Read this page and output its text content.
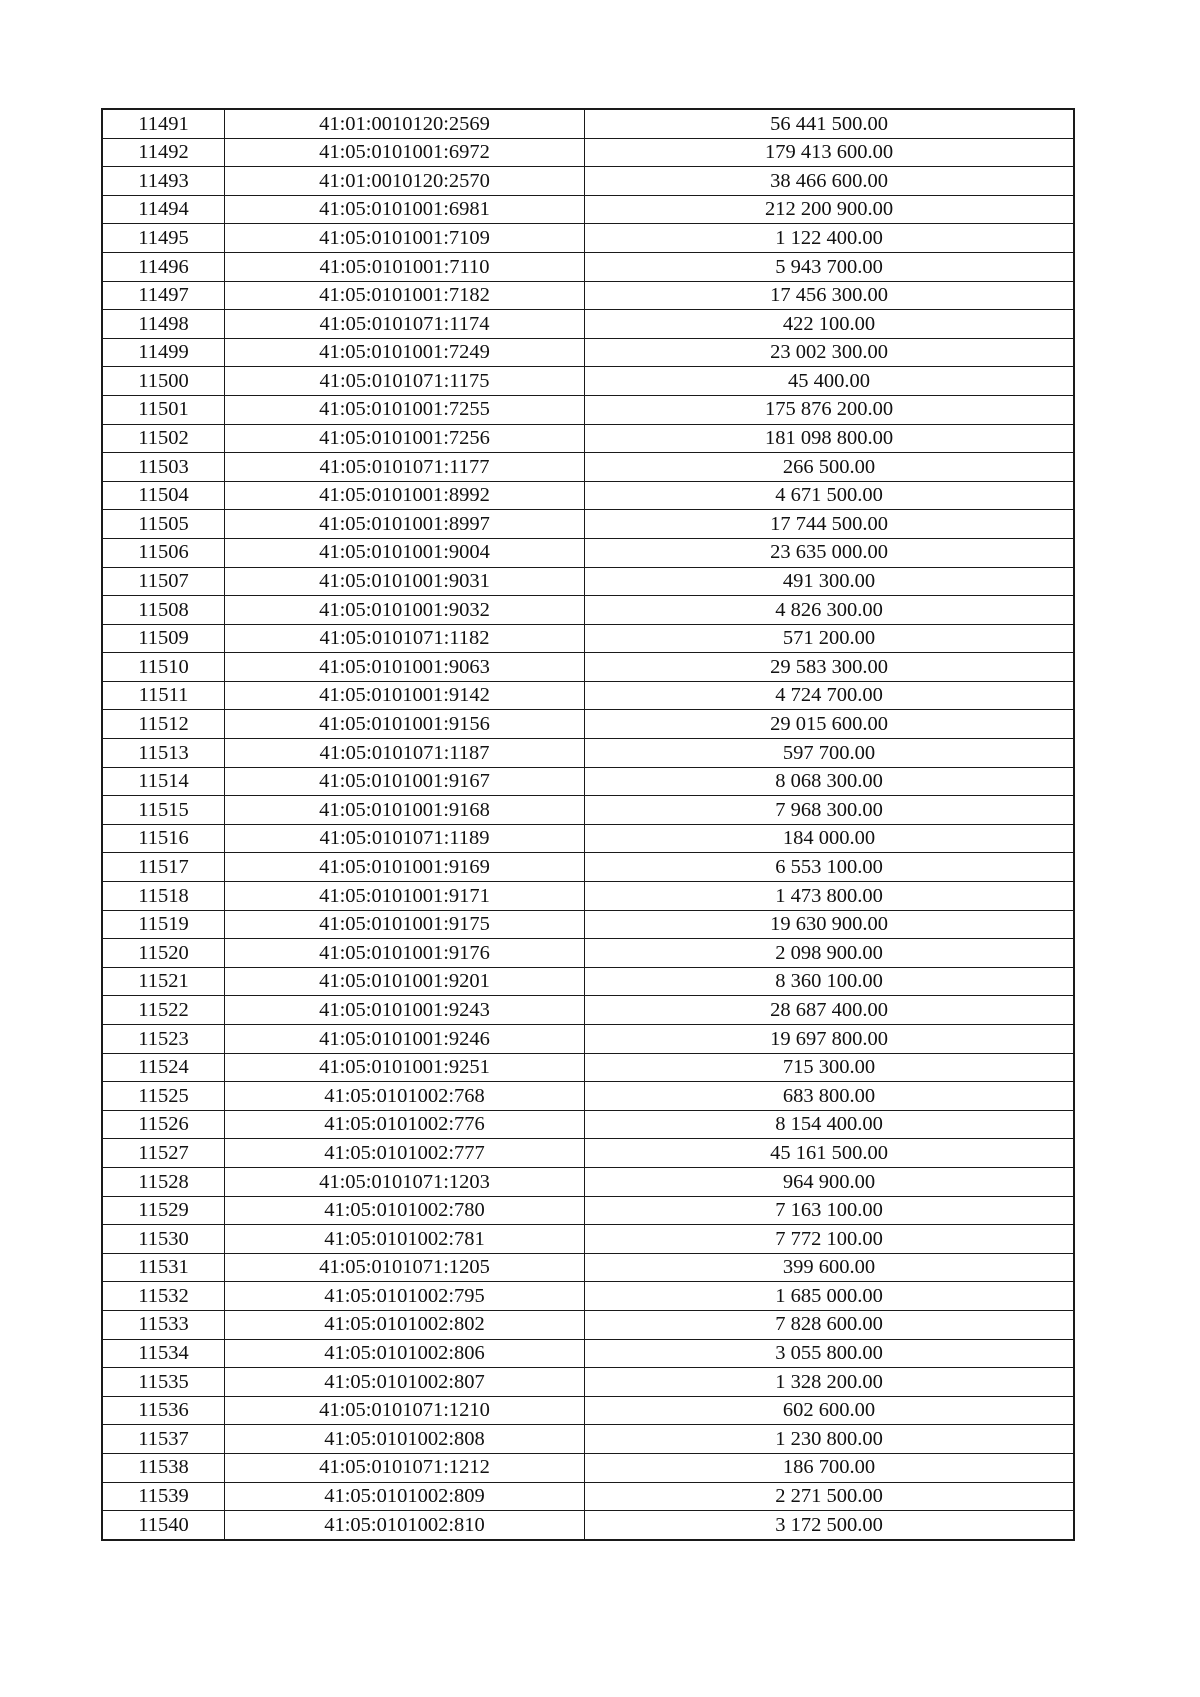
11491	41:01:0010120:2569	56 441 500.00
11492	41:05:0101001:6972	179 413 600.00
11493	41:01:0010120:2570	38 466 600.00
11494	41:05:0101001:6981	212 200 900.00
11495	41:05:0101001:7109	1 122 400.00
11496	41:05:0101001:7110	5 943 700.00
11497	41:05:0101001:7182	17 456 300.00
11498	41:05:0101071:1174	422 100.00
11499	41:05:0101001:7249	23 002 300.00
11500	41:05:0101071:1175	45 400.00
11501	41:05:0101001:7255	175 876 200.00
11502	41:05:0101001:7256	181 098 800.00
11503	41:05:0101071:1177	266 500.00
11504	41:05:0101001:8992	4 671 500.00
11505	41:05:0101001:8997	17 744 500.00
11506	41:05:0101001:9004	23 635 000.00
11507	41:05:0101001:9031	491 300.00
11508	41:05:0101001:9032	4 826 300.00
11509	41:05:0101071:1182	571 200.00
11510	41:05:0101001:9063	29 583 300.00
11511	41:05:0101001:9142	4 724 700.00
11512	41:05:0101001:9156	29 015 600.00
11513	41:05:0101071:1187	597 700.00
11514	41:05:0101001:9167	8 068 300.00
11515	41:05:0101001:9168	7 968 300.00
11516	41:05:0101071:1189	184 000.00
11517	41:05:0101001:9169	6 553 100.00
11518	41:05:0101001:9171	1 473 800.00
11519	41:05:0101001:9175	19 630 900.00
11520	41:05:0101001:9176	2 098 900.00
11521	41:05:0101001:9201	8 360 100.00
11522	41:05:0101001:9243	28 687 400.00
11523	41:05:0101001:9246	19 697 800.00
11524	41:05:0101001:9251	715 300.00
11525	41:05:0101002:768	683 800.00
11526	41:05:0101002:776	8 154 400.00
11527	41:05:0101002:777	45 161 500.00
11528	41:05:0101071:1203	964 900.00
11529	41:05:0101002:780	7 163 100.00
11530	41:05:0101002:781	7 772 100.00
11531	41:05:0101071:1205	399 600.00
11532	41:05:0101002:795	1 685 000.00
11533	41:05:0101002:802	7 828 600.00
11534	41:05:0101002:806	3 055 800.00
11535	41:05:0101002:807	1 328 200.00
11536	41:05:0101071:1210	602 600.00
11537	41:05:0101002:808	1 230 800.00
11538	41:05:0101071:1212	186 700.00
11539	41:05:0101002:809	2 271 500.00
11540	41:05:0101002:810	3 172 500.00
